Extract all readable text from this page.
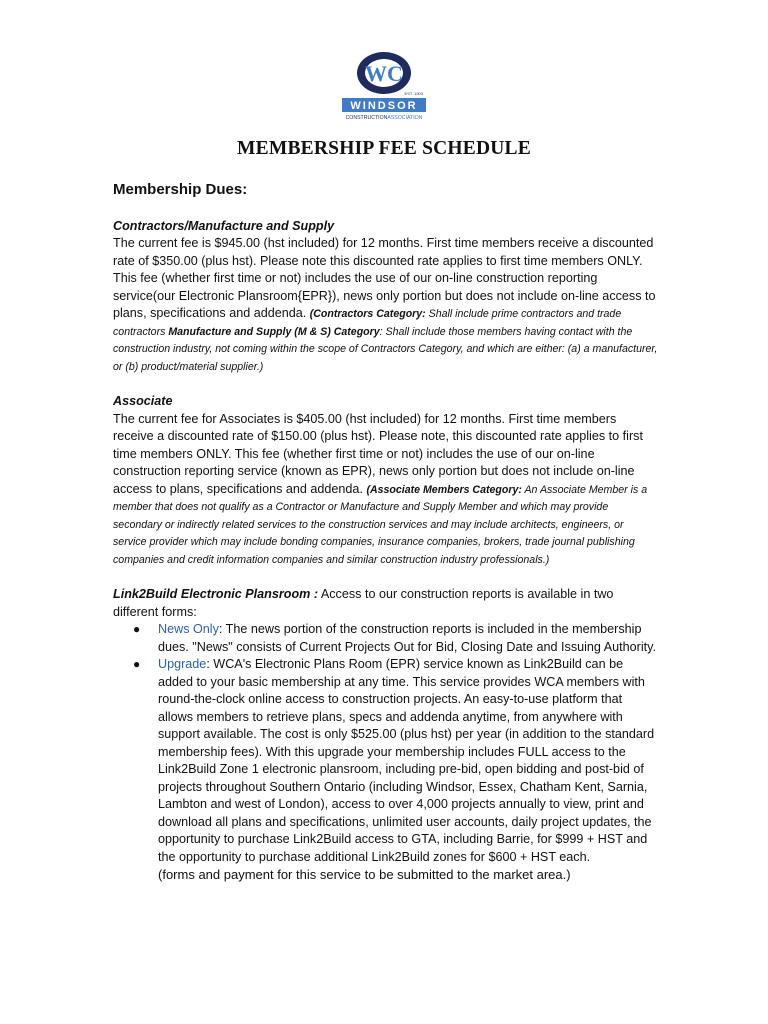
WC
EST. 1903
WINDSOR
CONSTRUCTIONASSOCIATION
MEMBERSHIP FEE SCHEDULE
Membership Dues:

Contractors/Manufacture and Supply

The current fee is $945.00 (hst included) for 12 months. First time members receive a discounted rate of $350.00 (plus hst). Please note this discounted rate applies to first time members ONLY. This fee (whether first time or not) includes the use of our on-line construction reporting service(our Electronic Plansroom{EPR}), news only portion but does not include on-line access to plans, specifications and addenda. (Contractors Category: Shall include prime contractors and trade contractors Manufacture and Supply (M & S) Category: Shall include those members having contact with the construction industry, not coming within the scope of Contractors Category, and which are either: (a) a manufacturer, or (b) product/material supplier.)

Associate

The current fee for Associates is $405.00 (hst included) for 12 months. First time members receive a discounted rate of $150.00 (plus hst). Please note, this discounted rate applies to first time members ONLY. This fee (whether first time or not) includes the use of our on-line construction reporting service (known as EPR), news only portion but does not include on-line access to plans, specifications and addenda. (Associate Members Category: An Associate Member is a member that does not qualify as a Contractor or Manufacture and Supply Member and which may provide secondary or indirectly related services to the construction services and may include architects, engineers, or service provider which may include bonding companies, insurance companies, brokers, trade journal publishing companies and credit information companies and similar construction industry professionals.)

Link2Build Electronic Plansroom : Access to our construction reports is available in two different forms:

● News Only: The news portion of the construction reports is included in the membership dues. "News" consists of Current Projects Out for Bid, Closing Date and Issuing Authority.
● Upgrade: WCA's Electronic Plans Room (EPR) service known as Link2Build can be added to your basic membership at any time. This service provides WCA members with round-the-clock online access to construction projects. An easy-to-use platform that allows members to retrieve plans, specs and addenda anytime, from anywhere with support available. The cost is only $525.00 (plus hst) per year (in addition to the standard membership fees). With this upgrade your membership includes FULL access to the Link2Build Zone 1 electronic plansroom, including pre-bid, open bidding and post-bid of projects throughout Southern Ontario (including Windsor, Essex, Chatham Kent, Sarnia, Lambton and west of London), access to over 4,000 projects annually to view, print and download all plans and specifications, unlimited user accounts, daily project updates, the opportunity to purchase Link2Build access to GTA, including Barrie, for $999 + HST and the opportunity to purchase additional Link2Build zones for $600 + HST each.

(forms and payment for this service to be submitted to the market area.)
